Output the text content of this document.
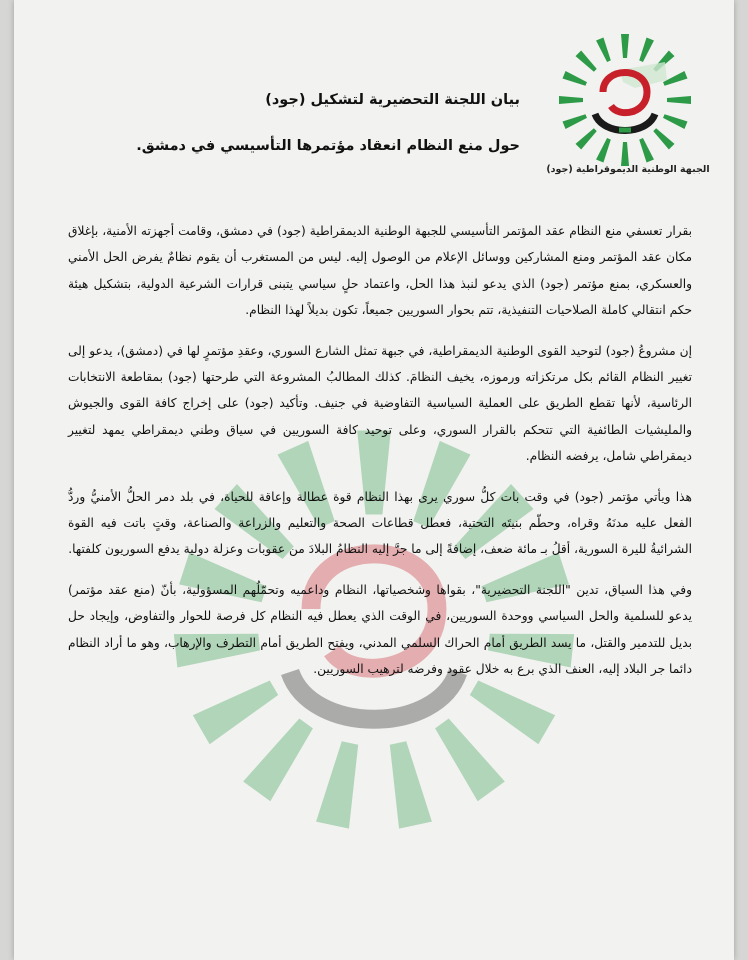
الجبهة الوطنية الديموقراطية (جود)
بيان اللجنة التحضيرية لتشكيل (جود)
حول منع النظام انعقاد مؤتمرها التأسيسي في دمشق.

بقرار تعسفي منع النظام عقد المؤتمر التأسيسي للجبهة الوطنية الديمقراطية (جود) في دمشق، وقامت أجهزته الأمنية، بإغلاق مكان عقد المؤتمر ومنع المشاركين ووسائل الإعلام من الوصول إليه. ليس من المستغرب أن يقوم نظامٌ يفرض الحل الأمني والعسكري، بمنع مؤتمر (جود) الذي يدعو لنبذ هذا الحل، واعتماد حلٍ سياسي يتبنى قرارات الشرعية الدولية، بتشكيل هيئة حكم انتقالي كاملة الصلاحيات التنفيذية، تتم بحوار السوريين جميعاً، تكون بديلاً لهذا النظام.

إن مشروعُ (جود) لتوحيد القوى الوطنية الديمقراطية، في جبهة تمثل الشارع السوري، وعقدِ مؤتمرٍ لها في (دمشق)، يدعو إلى تغيير النظام القائم بكل مرتكزاته ورموزه، يخيف النظامَ. كذلك المطالبُ المشروعة التي طرحتها (جود) بمقاطعة الانتخابات الرئاسية، لأنها تقطع الطريق على العملية السياسية التفاوضية في جنيف. وتأكيد (جود) على إخراج كافة القوى والجيوش والمليشيات الطائفية التي تتحكم بالقرار السوري، وعلى توحيد كافة السوريين في سياق وطني ديمقراطي يمهد لتغيير ديمقراطي شامل، يرفضه النظام.

هذا ويأتي مؤتمر (جود) في وقت بات كلُّ سوري يرى بهذا النظام قوة عطالة وإعاقة للحياة، في بلد دمر الحلُّ الأمنيُّ وردُّ الفعل عليه مدنَهُ وقراه، وحطّم بنيتَه التحتية، فعطل قطاعات الصحة والتعليم والزراعة والصناعة، وقتٍ باتت فيه القوة الشرائيةُ لليرة السورية، أقلُ بـ مائة ضعف، إضافةً إلى ما جرَّ إليه النظامُ البلادَ من عقوبات وعزلة دولية يدفع السوريون كلفتها.

وفي هذا السياق، تدين "اللجنة التحضيرية"، بقواها وشخصياتها، النظام وداعميه وتحمّلُهم المسؤولية، بأنّ (منع عقد مؤتمر) يدعو للسلمية والحل السياسي ووحدة السوريين، في الوقت الذي يعطل فيه النظام كل فرصة للحوار والتفاوض، وإيجاد حل بديل للتدمير والقتل، ما يسد الطريق أمام الحراك السلمي المدني، ويفتح الطريق أمام التطرف والإرهاب، وهو ما أراد النظام دائما جر البلاد إليه، العنف الذي برع به خلال عقود وفرضه لترهيب السوريين.
